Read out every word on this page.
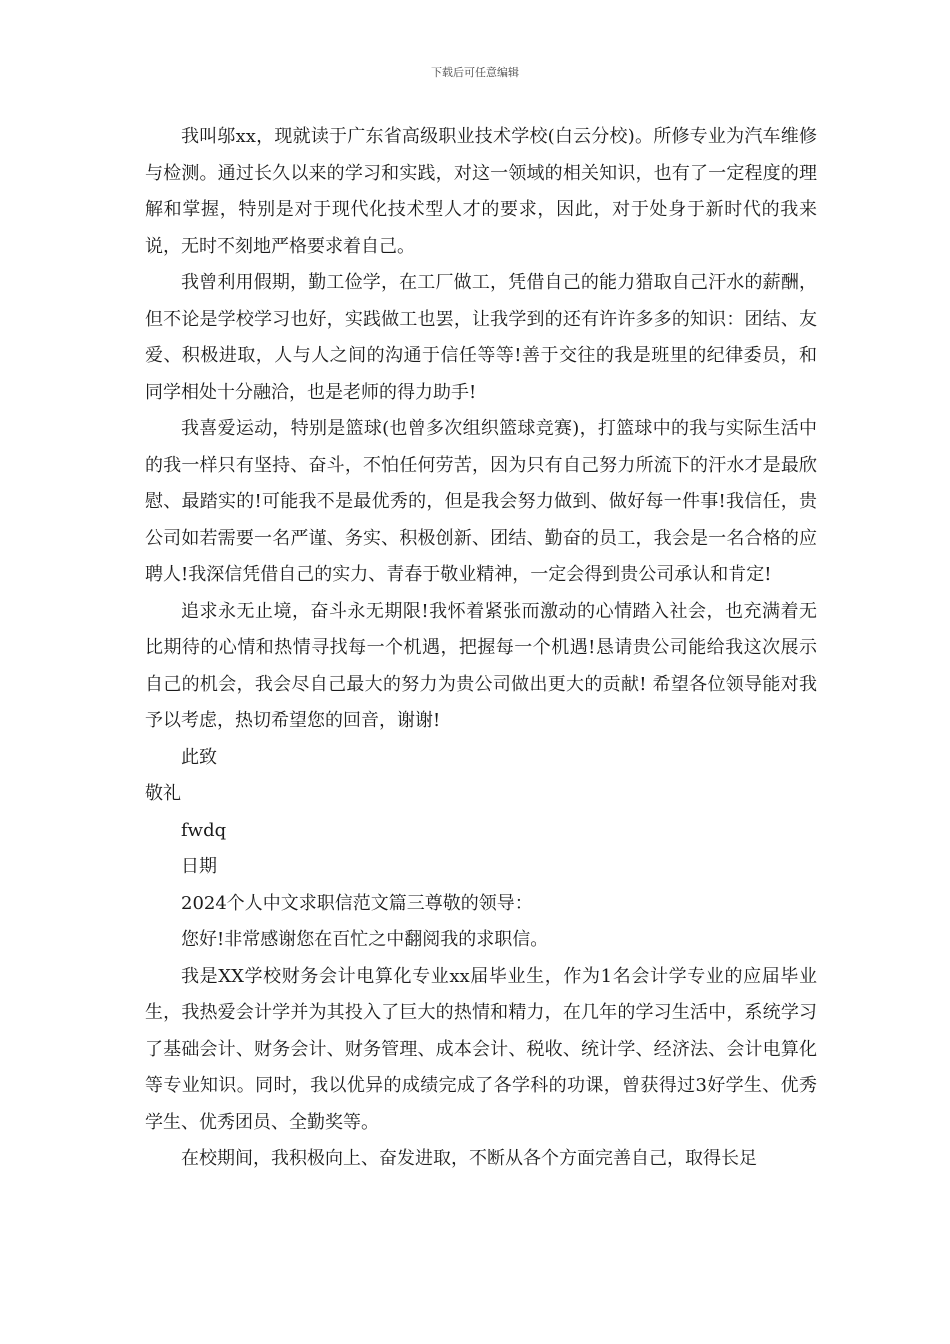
下载后可任意编辑

我叫邬xx，现就读于广东省高级职业技术学校(白云分校)。所修专业为汽车维修与检测。通过长久以来的学习和实践，对这一领域的相关知识，也有了一定程度的理解和掌握，特别是对于现代化技术型人才的要求，因此，对于处身于新时代的我来说，无时不刻地严格要求着自己。

我曾利用假期，勤工俭学，在工厂做工，凭借自己的能力猎取自己汗水的薪酬，但不论是学校学习也好，实践做工也罢，让我学到的还有许许多多的知识：团结、友爱、积极进取，人与人之间的沟通于信任等等!善于交往的我是班里的纪律委员，和同学相处十分融洽，也是老师的得力助手!

我喜爱运动，特别是篮球(也曾多次组织篮球竞赛)，打篮球中的我与实际生活中的我一样只有坚持、奋斗，不怕任何劳苦，因为只有自己努力所流下的汗水才是最欣慰、最踏实的!可能我不是最优秀的，但是我会努力做到、做好每一件事!我信任，贵公司如若需要一名严谨、务实、积极创新、团结、勤奋的员工，我会是一名合格的应聘人!我深信凭借自己的实力、青春于敬业精神，一定会得到贵公司承认和肯定!

追求永无止境，奋斗永无期限!我怀着紧张而激动的心情踏入社会，也充满着无比期待的心情和热情寻找每一个机遇，把握每一个机遇!恳请贵公司能给我这次展示自己的机会，我会尽自己最大的努力为贵公司做出更大的贡献! 希望各位领导能对我予以考虑，热切希望您的回音，谢谢!

此致

敬礼

fwdq

日期

2024个人中文求职信范文篇三尊敬的领导：

您好!非常感谢您在百忙之中翻阅我的求职信。

我是XX学校财务会计电算化专业xx届毕业生，作为1名会计学专业的应届毕业生，我热爱会计学并为其投入了巨大的热情和精力，在几年的学习生活中，系统学习了基础会计、财务会计、财务管理、成本会计、税收、统计学、经济法、会计电算化等专业知识。同时，我以优异的成绩完成了各学科的功课，曾获得过3好学生、优秀学生、优秀团员、全勤奖等。

在校期间，我积极向上、奋发进取，不断从各个方面完善自己，取得长足
